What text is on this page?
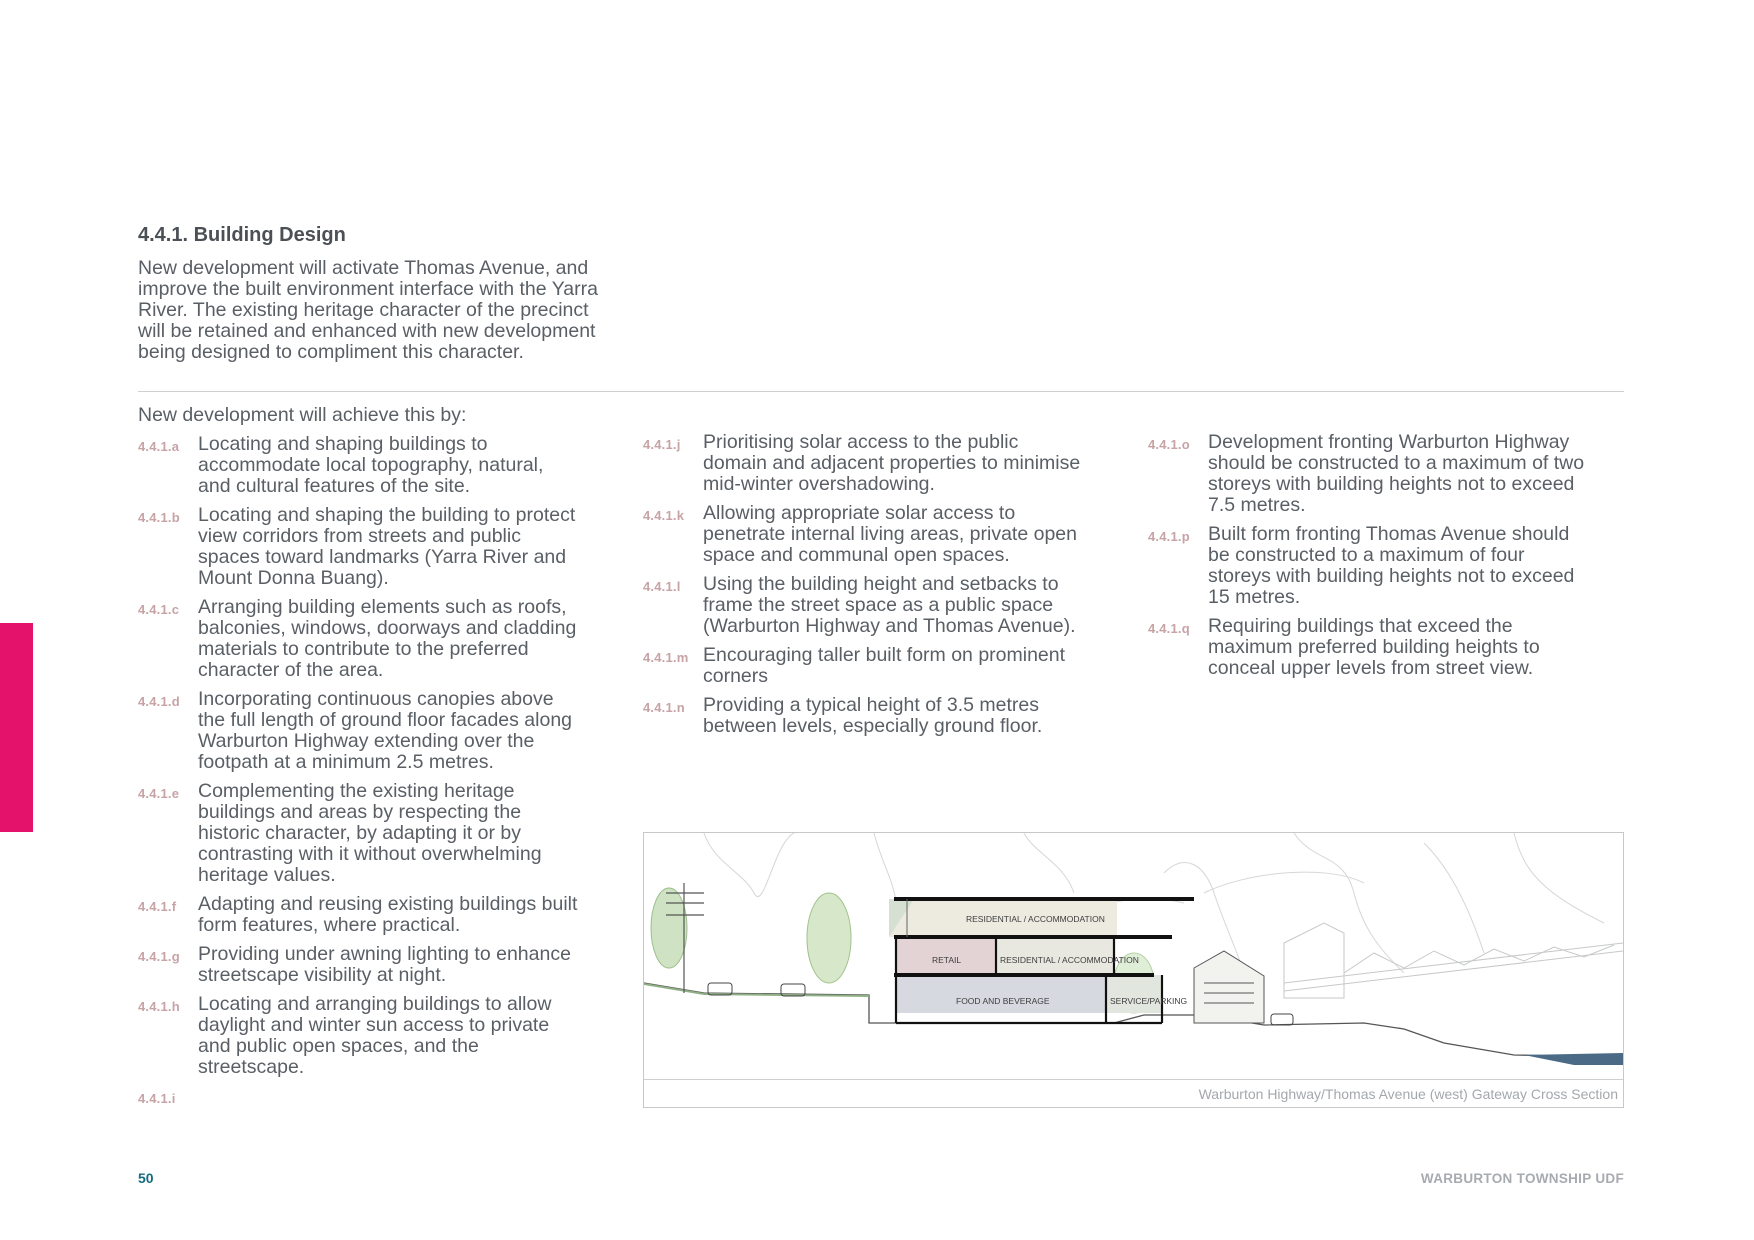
4.4.1. Building Design
New development will activate Thomas Avenue, and improve the built environment interface with the Yarra River. The existing heritage character of the precinct will be retained and enhanced with new development being designed to compliment this character.
New development will achieve this by:
4.4.1.a Locating and shaping buildings to accommodate local topography, natural, and cultural features of the site.
4.4.1.b Locating and shaping the building to protect view corridors from streets and public spaces toward landmarks (Yarra River and Mount Donna Buang).
4.4.1.c Arranging building elements such as roofs, balconies, windows, doorways and cladding materials to contribute to the preferred character of the area.
4.4.1.d Incorporating continuous canopies above the full length of ground floor facades along Warburton Highway extending over the footpath at a minimum 2.5 metres.
4.4.1.e Complementing the existing heritage buildings and areas by respecting the historic character, by adapting it or by contrasting with it without overwhelming heritage values.
4.4.1.f	Adapting and reusing existing buildings built form features, where practical.
4.4.1.g Providing under awning lighting to enhance streetscape visibility at night.
4.4.1.h Locating and arranging buildings to allow daylight and winter sun access to private and public open spaces, and the streetscape.
4.4.1.i
4.4.1.j	Prioritising solar access to the public domain and adjacent properties to minimise mid-winter overshadowing.
4.4.1.k Allowing appropriate solar access to penetrate internal living areas, private open space and communal open spaces.
4.4.1.l	Using the building height and setbacks to frame the street space as a public space (Warburton Highway and Thomas Avenue).
4.4.1.m Encouraging taller built form on prominent corners
4.4.1.n Providing a typical height of 3.5 metres between levels, especially ground floor.
4.4.1.o Development fronting Warburton Highway should be constructed to a maximum of two storeys with building heights not to exceed 7.5 metres.
4.4.1.p Built form fronting Thomas Avenue should be constructed to a maximum of four storeys with building heights not to exceed 15 metres.
4.4.1.q Requiring buildings that exceed the maximum preferred building heights to conceal upper levels from street view.
RESIDENTIAL / ACCOMMODATION
RETAIL	RESIDENTIAL / ACCOMMODATION
FOOD AND BEVERAGE	SERVICE/PARKING
Warburton Highway/Thomas Avenue (west) Gateway Cross Section
50	WARBURTON TOWNSHIP UDF
